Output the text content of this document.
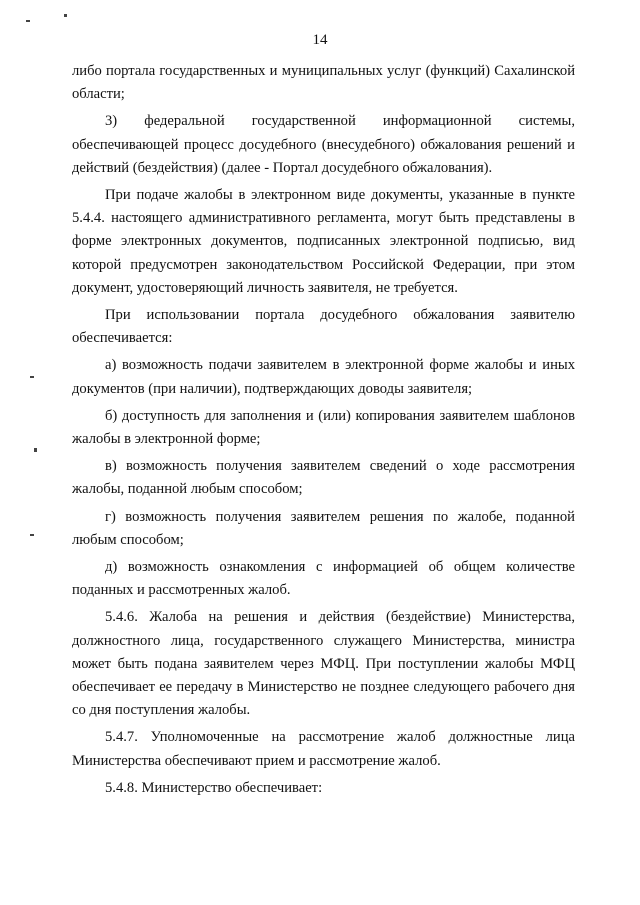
14

либо портала государственных и муниципальных услуг (функций) Сахалинской области;

3) федеральной государственной информационной системы, обеспечивающей процесс досудебного (внесудебного) обжалования решений и действий (бездействия) (далее - Портал досудебного обжалования).

При подаче жалобы в электронном виде документы, указанные в пункте 5.4.4. настоящего административного регламента, могут быть представлены в форме электронных документов, подписанных электронной подписью, вид которой предусмотрен законодательством Российской Федерации, при этом документ, удостоверяющий личность заявителя, не требуется.

При использовании портала досудебного обжалования заявителю обеспечивается:

а) возможность подачи заявителем в электронной форме жалобы и иных документов (при наличии), подтверждающих доводы заявителя;

б) доступность для заполнения и (или) копирования заявителем шаблонов жалобы в электронной форме;

в) возможность получения заявителем сведений о ходе рассмотрения жалобы, поданной любым способом;

г) возможность получения заявителем решения по жалобе, поданной любым способом;

д) возможность ознакомления с информацией об общем количестве поданных и рассмотренных жалоб.

5.4.6. Жалоба на решения и действия (бездействие) Министерства, должностного лица, государственного служащего Министерства, министра может быть подана заявителем через МФЦ. При поступлении жалобы МФЦ обеспечивает ее передачу в Министерство не позднее следующего рабочего дня со дня поступления жалобы.

5.4.7. Уполномоченные на рассмотрение жалоб должностные лица Министерства обеспечивают прием и рассмотрение жалоб.

5.4.8. Министерство обеспечивает:
